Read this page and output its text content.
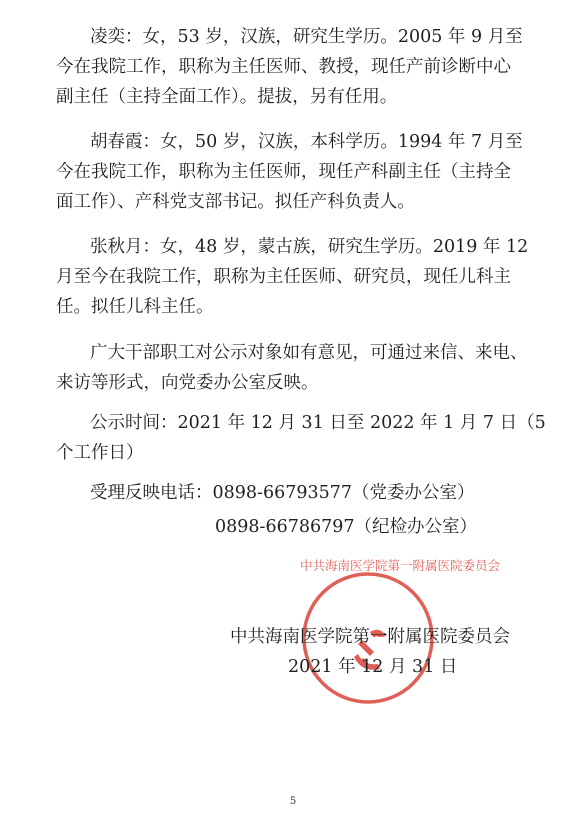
凌奕：女，53 岁，汉族，研究生学历。2005 年 9 月至
今在我院工作，职称为主任医师、教授，现任产前诊断中心
副主任（主持全面工作）。提拔，另有任用。

胡春霞：女，50 岁，汉族，本科学历。1994 年 7 月至
今在我院工作，职称为主任医师，现任产科副主任（主持全
面工作）、产科党支部书记。拟任产科负责人。

张秋月：女，48 岁，蒙古族，研究生学历。2019 年 12
月至今在我院工作，职称为主任医师、研究员，现任儿科主
任。拟任儿科主任。

广大干部职工对公示对象如有意见，可通过来信、来电、
来访等形式，向党委办公室反映。

公示时间：2021 年 12 月 31 日至 2022 年 1 月 7 日（5
个工作日）

受理反映电话：0898-66793577（党委办公室）
0898-66786797（纪检办公室）
中共海南医学院第一附属医院委员会
中共海南医学院第一附属医院委员会
2021 年 12 月 31 日
5
